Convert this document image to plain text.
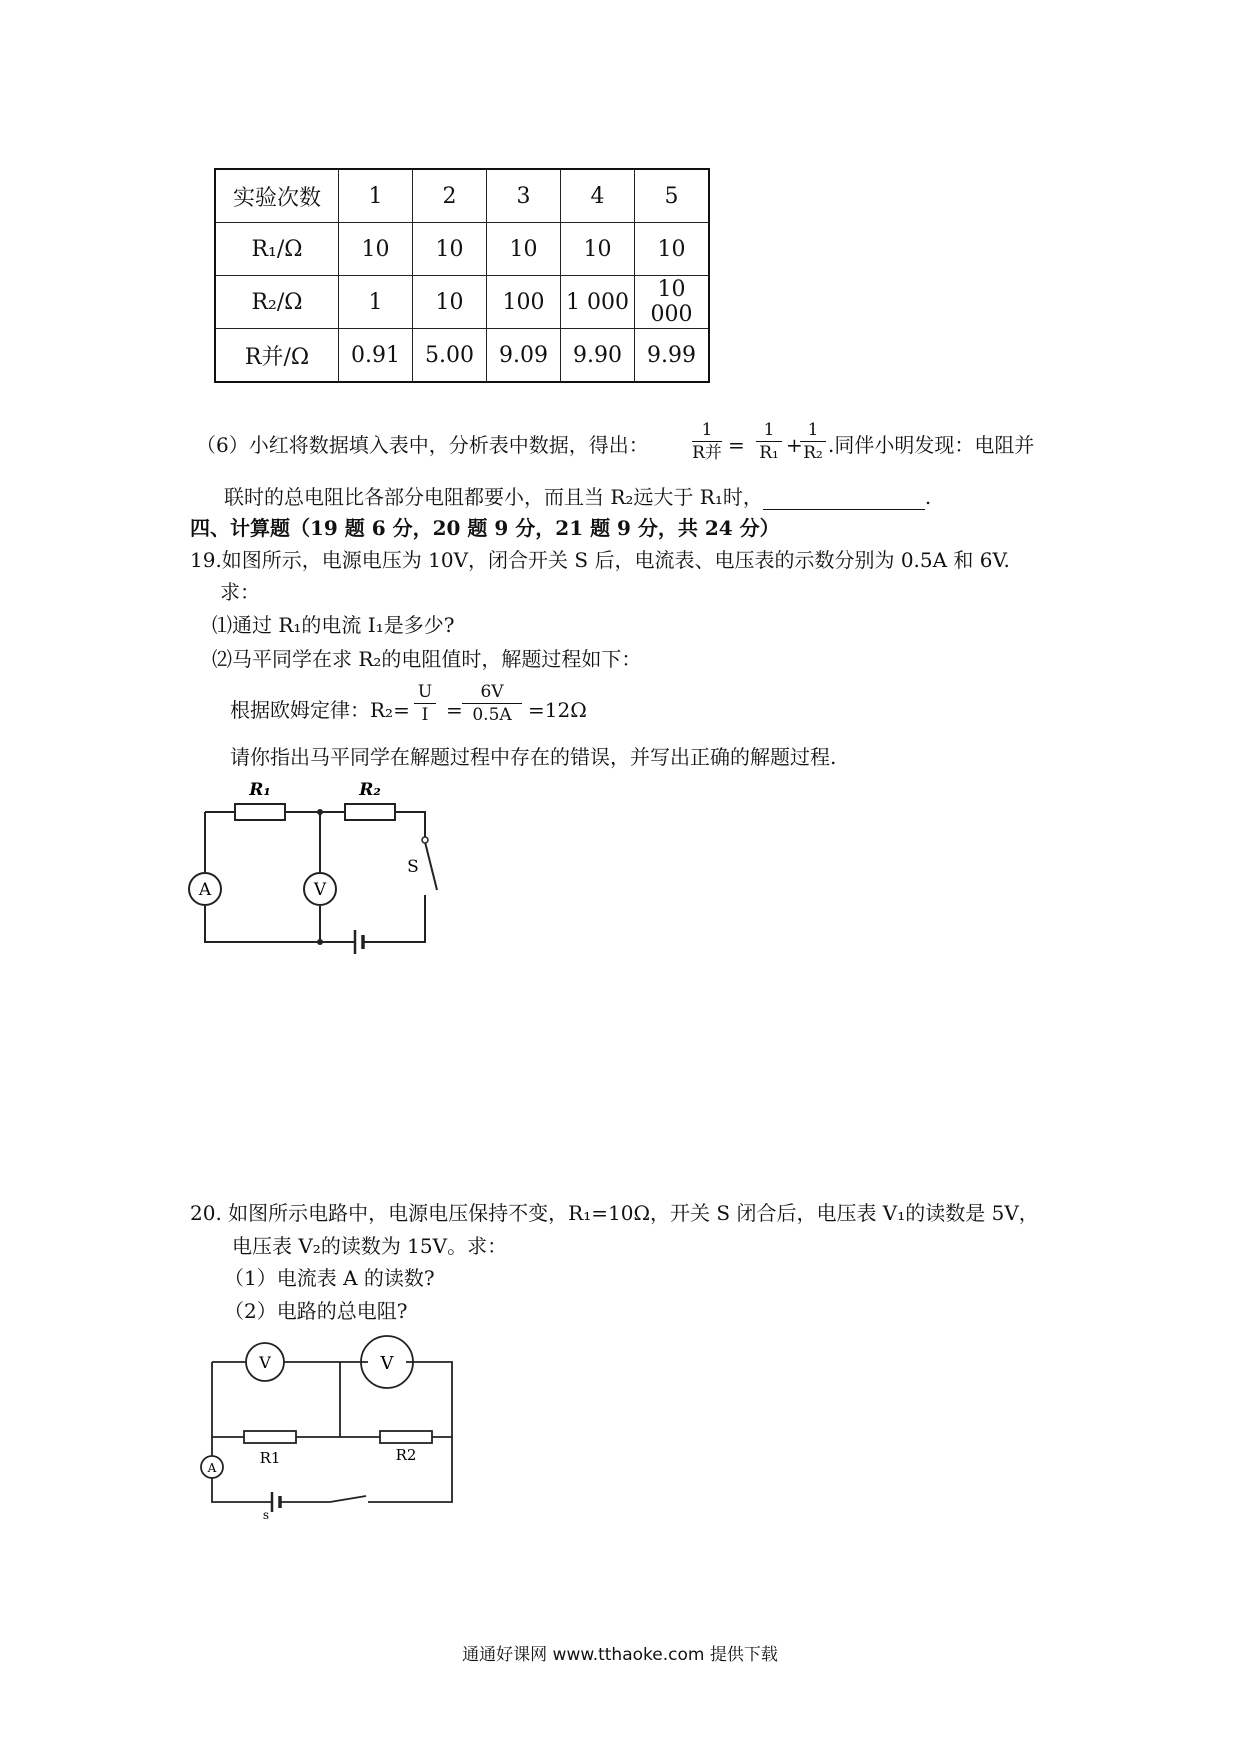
实验次数	1	2	3	4	5
R₁/Ω	10	10	10	10	10
R₂/Ω	1	10	100	1 000	10 000
R并/Ω	0.91	5.00	9.09	9.90	9.99
（6）小红将数据填入表中，分析表中数据，得出：
1
R并 =
1
R₁ +
1
R₂ .同伴小明发现：电阻并
联时的总电阻比各部分电阻都要小，而且当 R₂远大于 R₁时，	.
四、计算题（19 题 6 分，20 题 9 分，21 题 9 分，共 24 分）
19.如图所示，电源电压为 10V，闭合开关 S 后，电流表、电压表的示数分别为 0.5A 和 6V.
求：
⑴通过 R₁的电流 I₁是多少?
⑵马平同学在求 R₂的电阻值时，解题过程如下：
根据欧姆定律：R₂=
U
I =
6V
0.5A =12Ω
请你指出马平同学在解题过程中存在的错误，并写出正确的解题过程.
R₁	R₂
A	V
S
20. 如图所示电路中，电源电压保持不变，R₁=10Ω，开关 S 闭合后，电压表 V₁的读数是 5V，
电压表 V₂的读数为 15V。求：
（1）电流表 A 的读数?
（2）电路的总电阻?
V	V
R1	R2
A
s
通通好课网 www.tthaoke.com 提供下载
